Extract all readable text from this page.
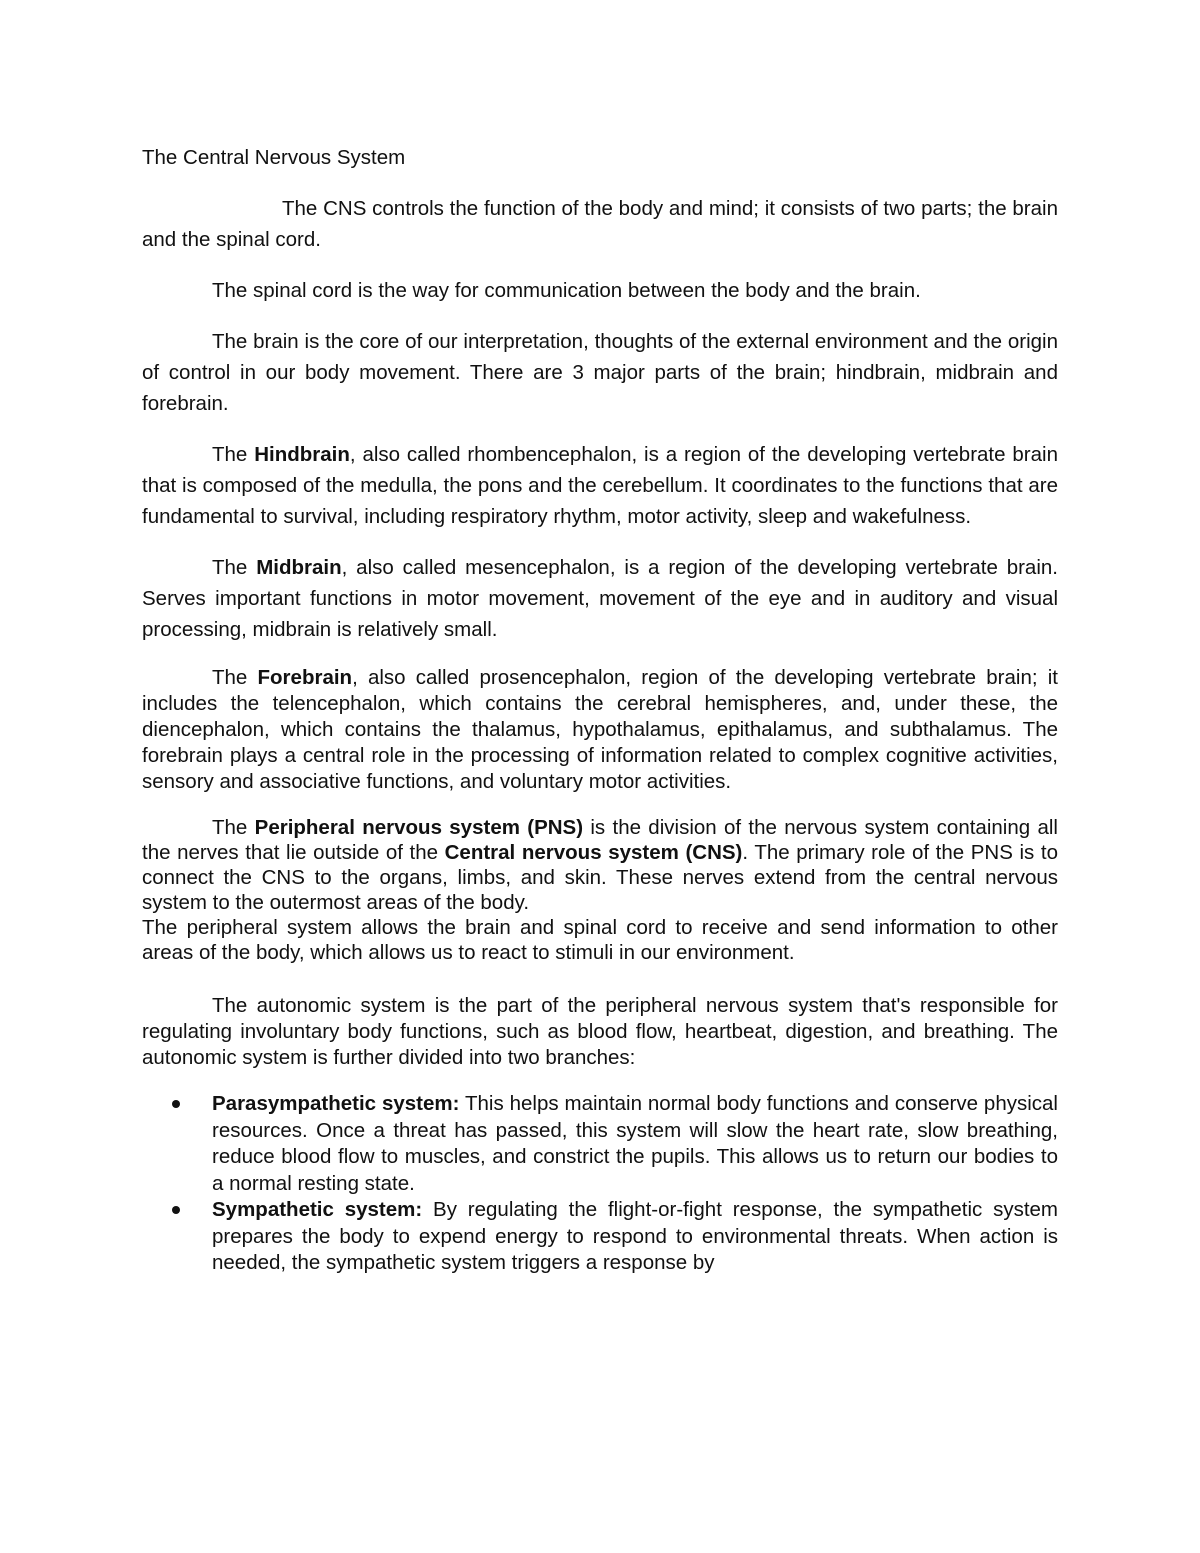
The Central Nervous System

The CNS controls the function of the body and mind; it consists of two parts; the brain and the spinal cord.

The spinal cord is the way for communication between the body and the brain.

The brain is the core of our interpretation, thoughts of the external environment and the origin of control in our body movement. There are 3 major parts of the brain; hindbrain, midbrain and forebrain.

The Hindbrain, also called rhombencephalon, is a region of the developing vertebrate brain that is composed of the medulla, the pons and the cerebellum. It coordinates to the functions that are fundamental to survival, including respiratory rhythm, motor activity, sleep and wakefulness.

The Midbrain, also called mesencephalon, is a region of the developing vertebrate brain. Serves important functions in motor movement, movement of the eye and in auditory and visual processing, midbrain is relatively small.

The Forebrain, also called prosencephalon, region of the developing vertebrate brain; it includes the telencephalon, which contains the cerebral hemispheres, and, under these, the diencephalon, which contains the thalamus, hypothalamus, epithalamus, and subthalamus. The forebrain plays a central role in the processing of information related to complex cognitive activities, sensory and associative functions, and voluntary motor activities.

The Peripheral nervous system (PNS) is the division of the nervous system containing all the nerves that lie outside of the Central nervous system (CNS). The primary role of the PNS is to connect the CNS to the organs, limbs, and skin. These nerves extend from the central nervous system to the outermost areas of the body.
The peripheral system allows the brain and spinal cord to receive and send information to other areas of the body, which allows us to react to stimuli in our environment.

The autonomic system is the part of the peripheral nervous system that's responsible for regulating involuntary body functions, such as blood flow, heartbeat, digestion, and breathing. The autonomic system is further divided into two branches:

Parasympathetic system: This helps maintain normal body functions and conserve physical resources. Once a threat has passed, this system will slow the heart rate, slow breathing, reduce blood flow to muscles, and constrict the pupils. This allows us to return our bodies to a normal resting state.
Sympathetic system: By regulating the flight-or-fight response, the sympathetic system prepares the body to expend energy to respond to environmental threats. When action is needed, the sympathetic system triggers a response by
